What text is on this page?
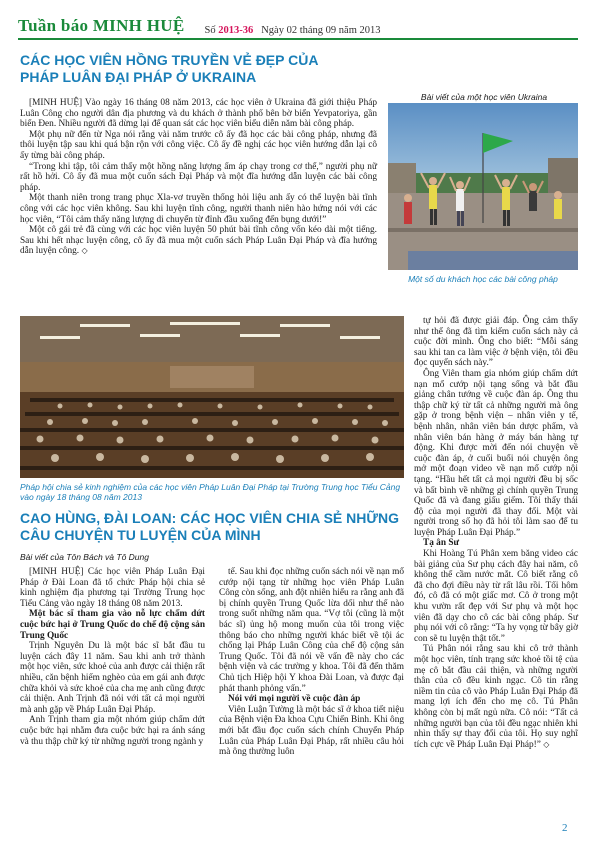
Tuần báo MINH HUỆ Số 2013-36 Ngày 02 tháng 09 năm 2013
CÁC HỌC VIÊN HỒNG TRUYỀN VẺ ĐẸP CỦA
PHÁP LUÂN ĐẠI PHÁP Ở UKRAINA

[MINH HUỆ] Vào ngày 16 tháng 08 năm 2013, các học viên ở Ukraina đã giới thiệu Pháp Luân Công cho người dân địa phương và du khách ở thành phố bên bờ biển Yevpatoriya, gần biển Đen. Nhiều người đã dừng lại để quan sát các học viên biểu diễn năm bài công pháp.

Một phụ nữ đến từ Nga nói rằng vài năm trước cô ấy đã học các bài công pháp, nhưng đã thôi luyện tập sau khi quá bận rộn với công việc. Cô ấy đề nghị các học viên hướng dẫn lại cô ấy từng bài công pháp.

“Trong khi tập, tôi cảm thấy một hồng năng lượng ấm áp chạy trong cơ thể,” người phụ nữ rất hồ hởi. Cô ấy đã mua một cuốn sách Đại Pháp và một đĩa hướng dẫn luyện các bài công pháp.

Một thanh niên trong trang phục Xla-vơ truyền thống hỏi liệu anh ấy có thể luyện bài tĩnh công với các học viên không. Sau khi luyện tĩnh công, người thanh niên hào hứng nói với các học viên, “Tôi cảm thấy năng lượng di chuyển từ đỉnh đầu xuống đến bụng dưới!”

Một cô gái trẻ đã cùng với các học viên luyện 50 phút bài tĩnh công vốn kéo dài một tiếng. Sau khi hết nhạc luyện công, cô ấy đã mua một cuốn sách Pháp Luân Đại Pháp và đĩa hướng dẫn luyện công. ◇

Bài viết của một học viên Ukraina
Một số du khách học các bài công pháp
Pháp hội chia sẻ kinh nghiệm của các học viên Pháp Luân Đại Pháp tại Trường Trung học Tiểu Cảng vào ngày 18 tháng 08 năm 2013
CAO HÙNG, ĐÀI LOAN: CÁC HỌC VIÊN CHIA SẺ NHỮNG
CÂU CHUYỆN TU LUYỆN CỦA MÌNH
Bài viết của Tôn Bách và Tô Dung

[MINH HUỆ] Các học viên Pháp Luân Đại Pháp ở Đài Loan đã tổ chức Pháp hội chia sẻ kinh nghiệm địa phương tại Trường Trung học Tiểu Cảng vào ngày 18 tháng 08 năm 2013.

Một bác sĩ tham gia vào nỗ lực chấm dứt cuộc bức hại ở Trung Quốc do chế độ cộng sản Trung Quốc

Trịnh Nguyên Du là một bác sĩ bắt đầu tu luyện cách đây 11 năm. Sau khi anh trở thành một học viên, sức khoẻ của anh được cải thiện rất nhiều, căn bệnh hiếm nghèo của em gái anh được chữa khỏi và sức khoẻ của cha mẹ anh cũng được cải thiện. Anh Trịnh đã nói với tất cả mọi người mà anh gặp về Pháp Luân Đại Pháp.

Anh Trịnh tham gia một nhóm giúp chấm dứt cuộc bức hại nhằm đưa cuộc bức hại ra ánh sáng và thu thập chữ ký từ những người trong ngành y

tế. Sau khi đọc những cuốn sách nói về nạn mổ cướp nội tạng từ những học viên Pháp Luân Công còn sống, anh đột nhiên hiểu ra rằng anh đã bị chính quyền Trung Quốc lừa dối như thế nào trong suốt những năm qua. “Vợ tôi (cũng là một bác sĩ) ủng hộ mong muốn của tôi trong việc thông báo cho những người khác biết về tội ác chống lại Pháp Luân Công của chế độ cộng sản Trung Quốc. Tôi đã nói về vấn đề này cho các bệnh viện và các trường y khoa. Tôi đã đến thăm Chủ tịch Hiệp hội Y khoa Đài Loan, và được đại phát thanh phỏng vấn.”

Nói với mọi người về cuộc đàn áp

Viên Luận Tường là một bác sĩ ở khoa tiết niệu của Bệnh viện Đa khoa Cựu Chiến Binh. Khi ông mới bắt đầu đọc cuốn sách chính Chuyển Pháp Luân của Pháp Luân Đại Pháp, rất nhiều câu hỏi mà ông thường luôn

tự hỏi đã được giải đáp. Ông cảm thấy như thể ông đã tìm kiếm cuốn sách này cả cuộc đời mình. Ông cho biết: “Mỗi sáng sau khi tan ca làm việc ở bệnh viện, tôi đều đọc quyển sách này.”

Ông Viên tham gia nhóm giúp chấm dứt nạn mổ cướp nội tạng sống và bắt đầu giảng chân tướng về cuộc đàn áp. Ông thu thập chữ ký từ tất cả những người mà ông gặp ở trong bệnh viện – nhân viên y tế, bệnh nhân, nhân viên bán dược phẩm, và nhân viên bán hàng ở máy bán hàng tự động. Khi được mời đến nói chuyện về cuộc đàn áp, ở cuối buổi nói chuyện ông mở một đoạn video về nạn mổ cướp nội tạng. “Hầu hết tất cả mọi người đều bị sốc và bất bình về những gì chính quyền Trung Quốc đã và đang giấu giếm. Tôi thấy thái độ của mọi người đã thay đổi. Một vài người trong số họ đã hỏi tôi làm sao để tu luyện Pháp Luân Đại Pháp.”

Tạ ân Sư

Khi Hoàng Tú Phân xem băng video các bài giảng của Sư phụ cách đây hai năm, cô không thể cầm nước mắt. Cô biết rằng cô đã cho đợi điều này từ rất lâu rồi. Tối hôm đó, cô đã có một giấc mơ. Cô ở trong một khu vườn rất đẹp với Sư phụ và một học viên đã dạy cho cô các bài công pháp. Sư phụ nói với cô rằng: “Ta hy vọng từ bây giờ con sẽ tu luyện thật tốt.”

Tú Phân nói rằng sau khi cô trở thành một học viên, tính trạng sức khoẻ tồi tệ của mẹ cô bắt đầu cải thiện, và những người thân của cô đều kinh ngạc. Cô tin rằng niềm tin của cô vào Pháp Luân Đại Pháp đã mang lợi ích đến cho mẹ cô. Tú Phân không còn bị mất ngủ nữa. Cô nói: “Tất cả những người bạn của tôi đều ngạc nhiên khi nhìn thấy sự thay đổi của tôi. Họ suy nghĩ tích cực về Pháp Luân Đại Pháp!” ◇

2
